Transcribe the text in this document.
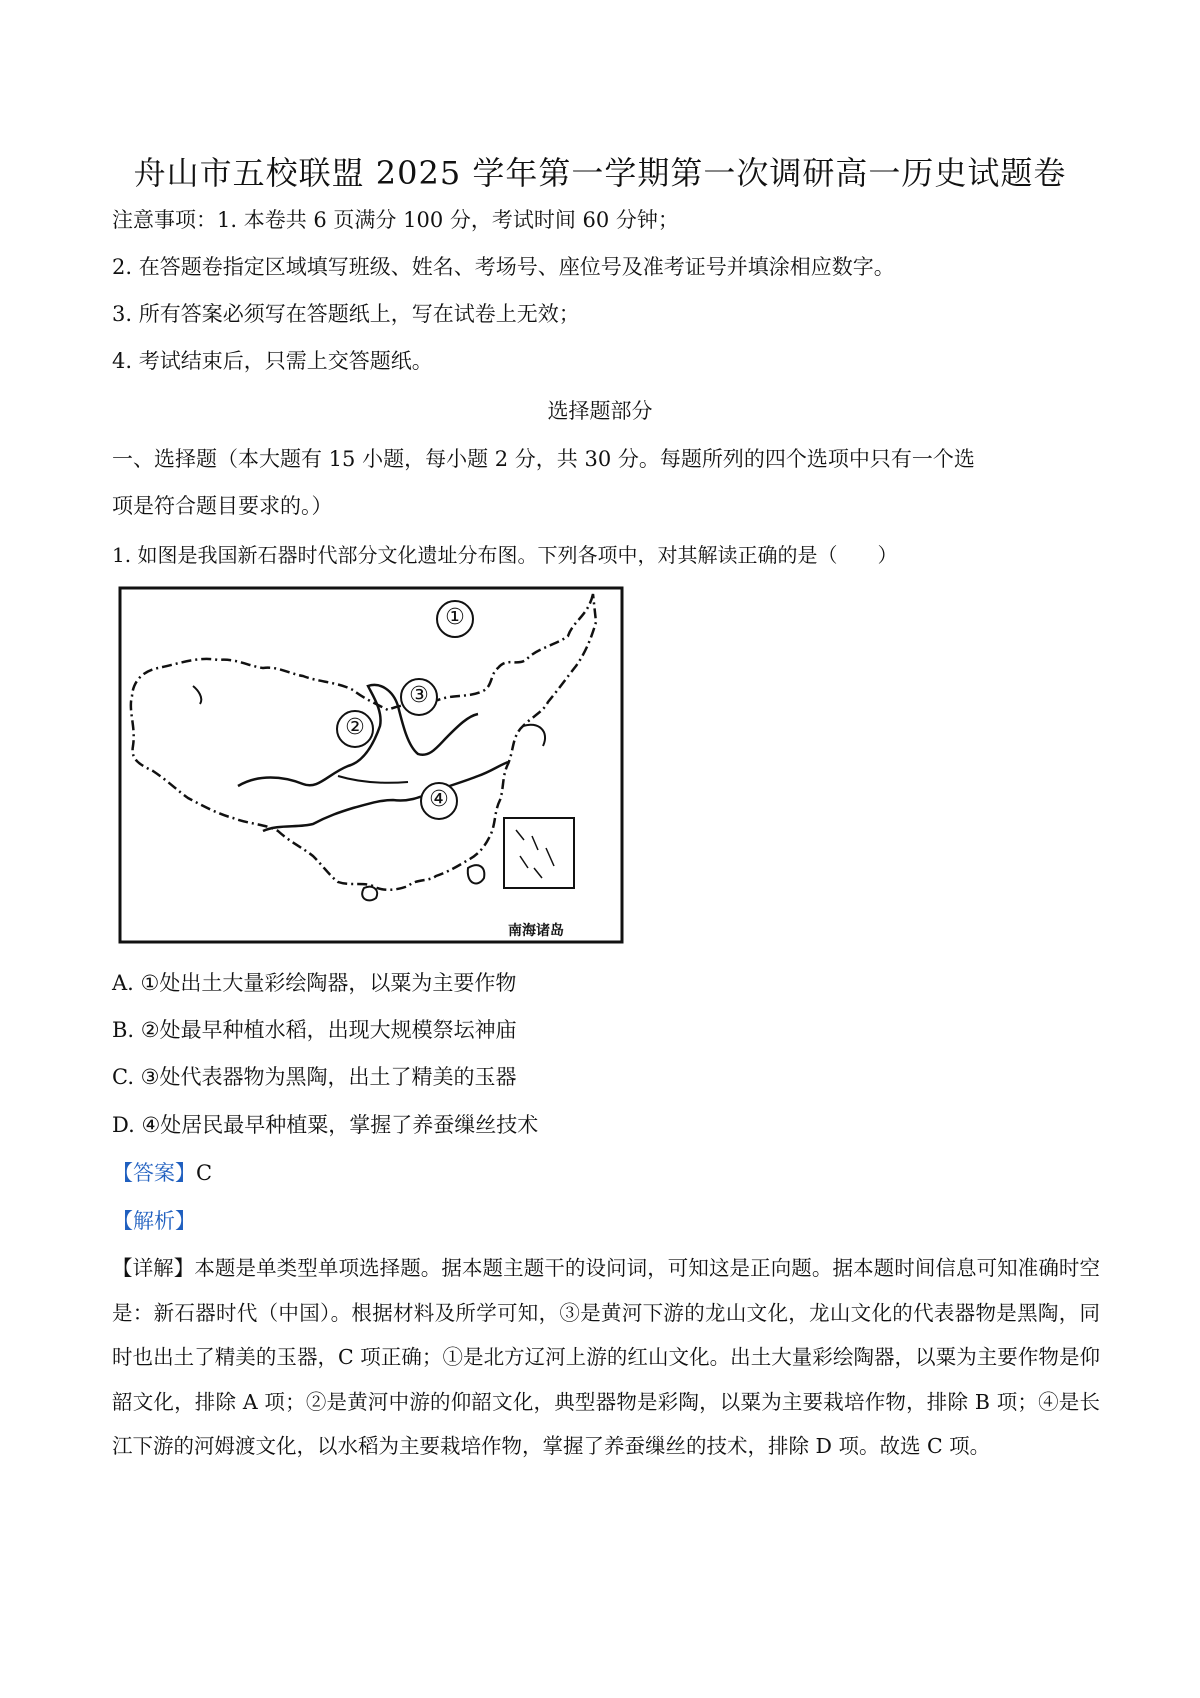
舟山市五校联盟 2025 学年第一学期第一次调研高一历史试题卷
注意事项：1. 本卷共 6 页满分 100 分，考试时间 60 分钟；
2. 在答题卷指定区域填写班级、姓名、考场号、座位号及准考证号并填涂相应数字。
3. 所有答案必须写在答题纸上，写在试卷上无效；
4. 考试结束后，只需上交答题纸。
选择题部分
一、选择题（本大题有 15 小题，每小题 2 分，共 30 分。每题所列的四个选项中只有一个选
项是符合题目要求的。）
1. 如图是我国新石器时代部分文化遗址分布图。下列各项中，对其解读正确的是（　　）
①
②
③
④
南海诸岛
A. ①处出土大量彩绘陶器，以粟为主要作物
B. ②处最早种植水稻，出现大规模祭坛神庙
C. ③处代表器物为黑陶，出土了精美的玉器
D. ④处居民最早种植粟，掌握了养蚕缫丝技术
【答案】C
【解析】
【详解】本题是单类型单项选择题。据本题主题干的设问词，可知这是正向题。据本题时间信息可知准确时空是：新石器时代（中国）。根据材料及所学可知，③是黄河下游的龙山文化，龙山文化的代表器物是黑陶，同时也出土了精美的玉器，C 项正确；①是北方辽河上游的红山文化。出土大量彩绘陶器，以粟为主要作物是仰韶文化，排除 A 项；②是黄河中游的仰韶文化，典型器物是彩陶，以粟为主要栽培作物，排除 B 项；④是长江下游的河姆渡文化，以水稻为主要栽培作物，掌握了养蚕缫丝的技术，排除 D 项。故选 C 项。
